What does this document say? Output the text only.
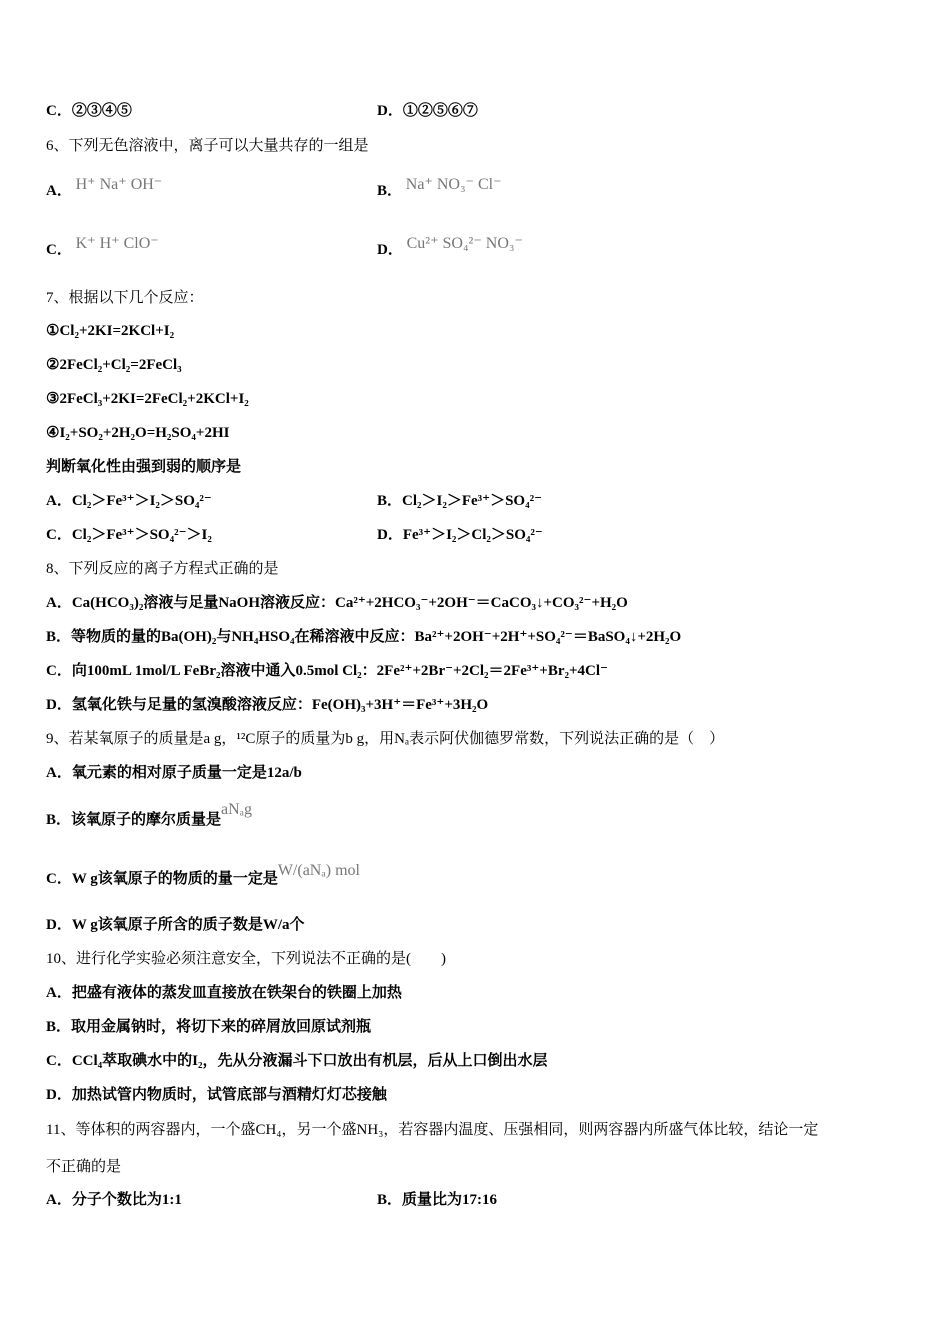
C．②③④⑤	D．①②⑤⑥⑦
6、下列无色溶液中，离子可以大量共存的一组是
A． H⁺ Na⁺ OH⁻	B． Na⁺ NO₃⁻ Cl⁻
C． K⁺ H⁺ ClO⁻	D． Cu²⁺ SO₄²⁻ NO₃⁻
7、根据以下几个反应：
①Cl₂+2KI=2KCl+I₂
②2FeCl₂+Cl₂=2FeCl₃
③2FeCl₃+2KI=2FeCl₂+2KCl+I₂
④I₂+SO₂+2H₂O=H₂SO₄+2HI
判断氧化性由强到弱的顺序是
A．Cl₂＞Fe³⁺＞I₂＞SO₄²⁻	B．Cl₂＞I₂＞Fe³⁺＞SO₄²⁻
C．Cl₂＞Fe³⁺＞SO₄²⁻＞I₂	D．Fe³⁺＞I₂＞Cl₂＞SO₄²⁻
8、下列反应的离子方程式正确的是
A．Ca(HCO₃)₂溶液与足量NaOH溶液反应：Ca²⁺+2HCO₃⁻+2OH⁻＝CaCO₃↓+CO₃²⁻+H₂O
B．等物质的量的Ba(OH)₂与NH₄HSO₄在稀溶液中反应：Ba²⁺+2OH⁻+2H⁺+SO₄²⁻＝BaSO₄↓+2H₂O
C．向100mL 1mol/L FeBr₂溶液中通入0.5mol Cl₂：2Fe²⁺+2Br⁻+2Cl₂＝2Fe³⁺+Br₂+4Cl⁻
D．氢氧化铁与足量的氢溴酸溶液反应：Fe(OH)₃+3H⁺＝Fe³⁺+3H₂O
9、若某氧原子的质量是a g，¹²C原子的质量为b g，用Nₐ表示阿伏伽德罗常数，下列说法正确的是（　）
A．氧元素的相对原子质量一定是12a/b
B．该氧原子的摩尔质量是aNₐg
C．W g该氧原子的物质的量一定是W/(aNₐ) mol
D．W g该氧原子所含的质子数是W/a个
10、进行化学实验必须注意安全，下列说法不正确的是(　　)
A．把盛有液体的蒸发皿直接放在铁架台的铁圈上加热
B．取用金属钠时，将切下来的碎屑放回原试剂瓶
C．CCl₄萃取碘水中的I₂，先从分液漏斗下口放出有机层，后从上口倒出水层
D．加热试管内物质时，试管底部与酒精灯灯芯接触
11、等体积的两容器内，一个盛CH₄，另一个盛NH₃，若容器内温度、压强相同，则两容器内所盛气体比较，结论一定
不正确的是
A．分子个数比为1:1	B．质量比为17:16
